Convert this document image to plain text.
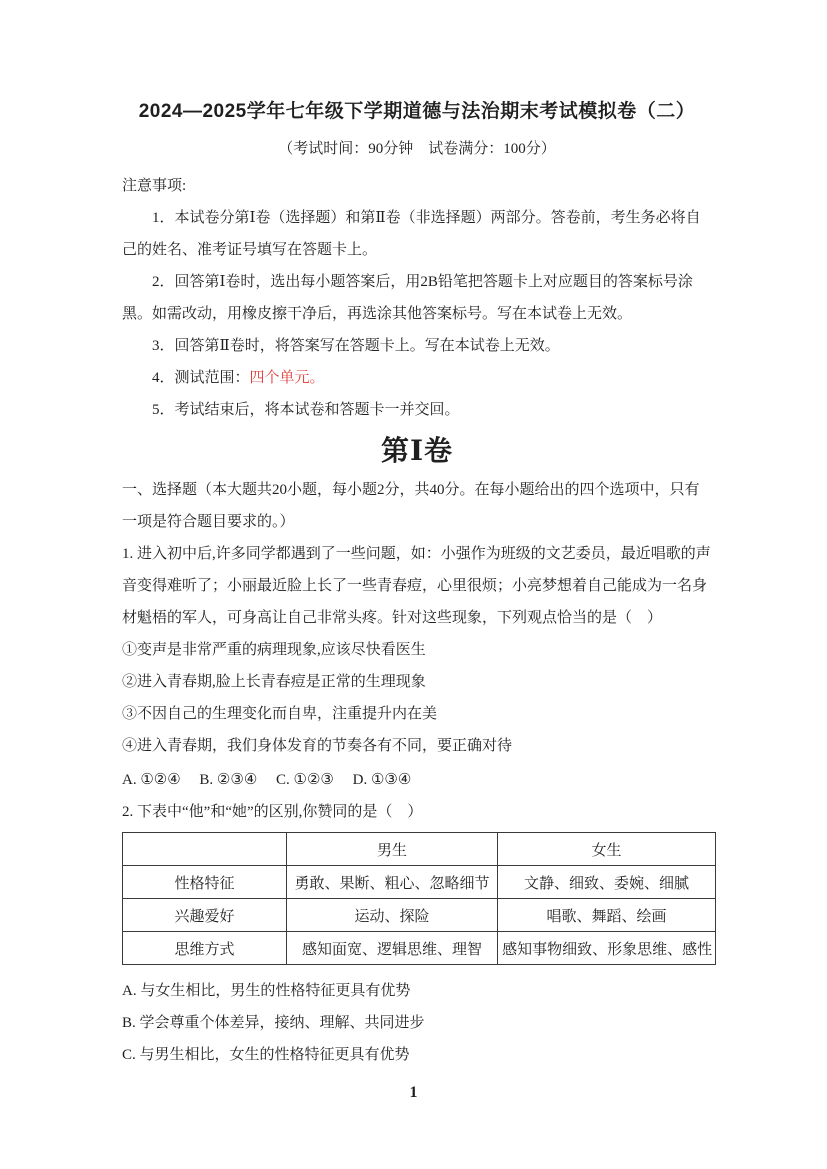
2024—2025学年七年级下学期道德与法治期末考试模拟卷（二）
（考试时间：90分钟　试卷满分：100分）
注意事项:

1．本试卷分第Ⅰ卷（选择题）和第Ⅱ卷（非选择题）两部分。答卷前，考生务必将自己的姓名、准考证号填写在答题卡上。

2．回答第Ⅰ卷时，选出每小题答案后，用2B铅笔把答题卡上对应题目的答案标号涂黑。如需改动，用橡皮擦干净后，再选涂其他答案标号。写在本试卷上无效。

3．回答第Ⅱ卷时，将答案写在答题卡上。写在本试卷上无效。

4．测试范围：四个单元。

5．考试结束后，将本试卷和答题卡一并交回。

第Ⅰ卷

一、选择题（本大题共20小题，每小题2分，共40分。在每小题给出的四个选项中，只有一项是符合题目要求的。）

1. 进入初中后,许多同学都遇到了一些问题，如：小强作为班级的文艺委员，最近唱歌的声音变得难听了；小丽最近脸上长了一些青春痘，心里很烦；小亮梦想着自己能成为一名身材魁梧的军人，可身高让自己非常头疼。针对这些现象，下列观点恰当的是（　）

①变声是非常严重的病理现象,应该尽快看医生

②进入青春期,脸上长青春痘是正常的生理现象

③不因自己的生理变化而自卑，注重提升内在美

④进入青春期，我们身体发育的节奏各有不同，要正确对待

A. ①②④　 B. ②③④　 C. ①②③　 D. ①③④

2. 下表中“他”和“她”的区别,你赞同的是（　）

	男生	女生
性格特征	勇敢、果断、粗心、忽略细节	文静、细致、委婉、细腻
兴趣爱好	运动、探险	唱歌、舞蹈、绘画
思维方式	感知面宽、逻辑思维、理智	感知事物细致、形象思维、感性

A. 与女生相比，男生的性格特征更具有优势

B. 学会尊重个体差异，接纳、理解、共同进步

C. 与男生相比，女生的性格特征更具有优势

1
